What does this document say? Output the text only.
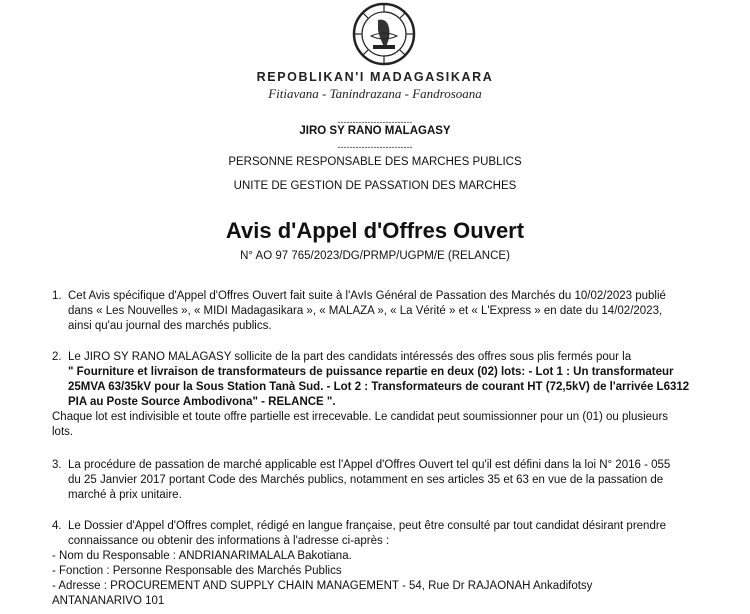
REPOBLIKAN'I MADAGASIKARA
Fitiavana - Tanindrazana - Fandrosoana
-------------------------
JIRO SY RANO MALAGASY
-------------------------
PERSONNE RESPONSABLE DES MARCHES PUBLICS
UNITE DE GESTION DE PASSATION DES MARCHES
Avis d'Appel d'Offres Ouvert
N° AO 97 765/2023/DG/PRMP/UGPM/E (RELANCE)
1. Cet Avis spécifique d'Appel d'Offres Ouvert fait suite à l'AvIs Général de Passation des Marchés du 10/02/2023 publié
dans « Les Nouvelles », « MIDI Madagasikara », « MALAZA », « La Vérité » et « L'Express » en date du 14/02/2023,
ainsi qu'au journal des marchés publics.
2. Le JIRO SY RANO MALAGASY sollicite de la part des candidats intéressés des offres sous plis fermés pour la
" Fourniture et livraison de transformateurs de puissance repartie en deux (02) lots: - Lot 1 : Un transformateur
25MVA 63/35kV pour la Sous Station Tanà Sud. - Lot 2 : Transformateurs de courant HT (72,5kV) de l'arrivée L6312
PIA au Poste Source Ambodivona" - RELANCE ".
Chaque lot est indivisible et toute offre partielle est irrecevable. Le candidat peut soumissionner pour un (01) ou plusieurs
lots.
3. La procédure de passation de marché applicable est l'Appel d'Offres Ouvert tel qu'il est défini dans la loi N° 2016 - 055
du 25 Janvier 2017 portant Code des Marchés publics, notamment en ses articles 35 et 63 en vue de la passation de
marché à prix unitaire.
4. Le Dossier d'Appel d'Offres complet, rédigé en langue française, peut être consulté par tout candidat désirant prendre
connaissance ou obtenir des informations à l'adresse ci-après :
- Nom du Responsable : ANDRIANARIMALALA Bakotiana.
- Fonction : Personne Responsable des Marchés Publics
- Adresse : PROCUREMENT AND SUPPLY CHAIN MANAGEMENT - 54, Rue Dr RAJAONAH Ankadifotsy
ANTANANARIVO 101
